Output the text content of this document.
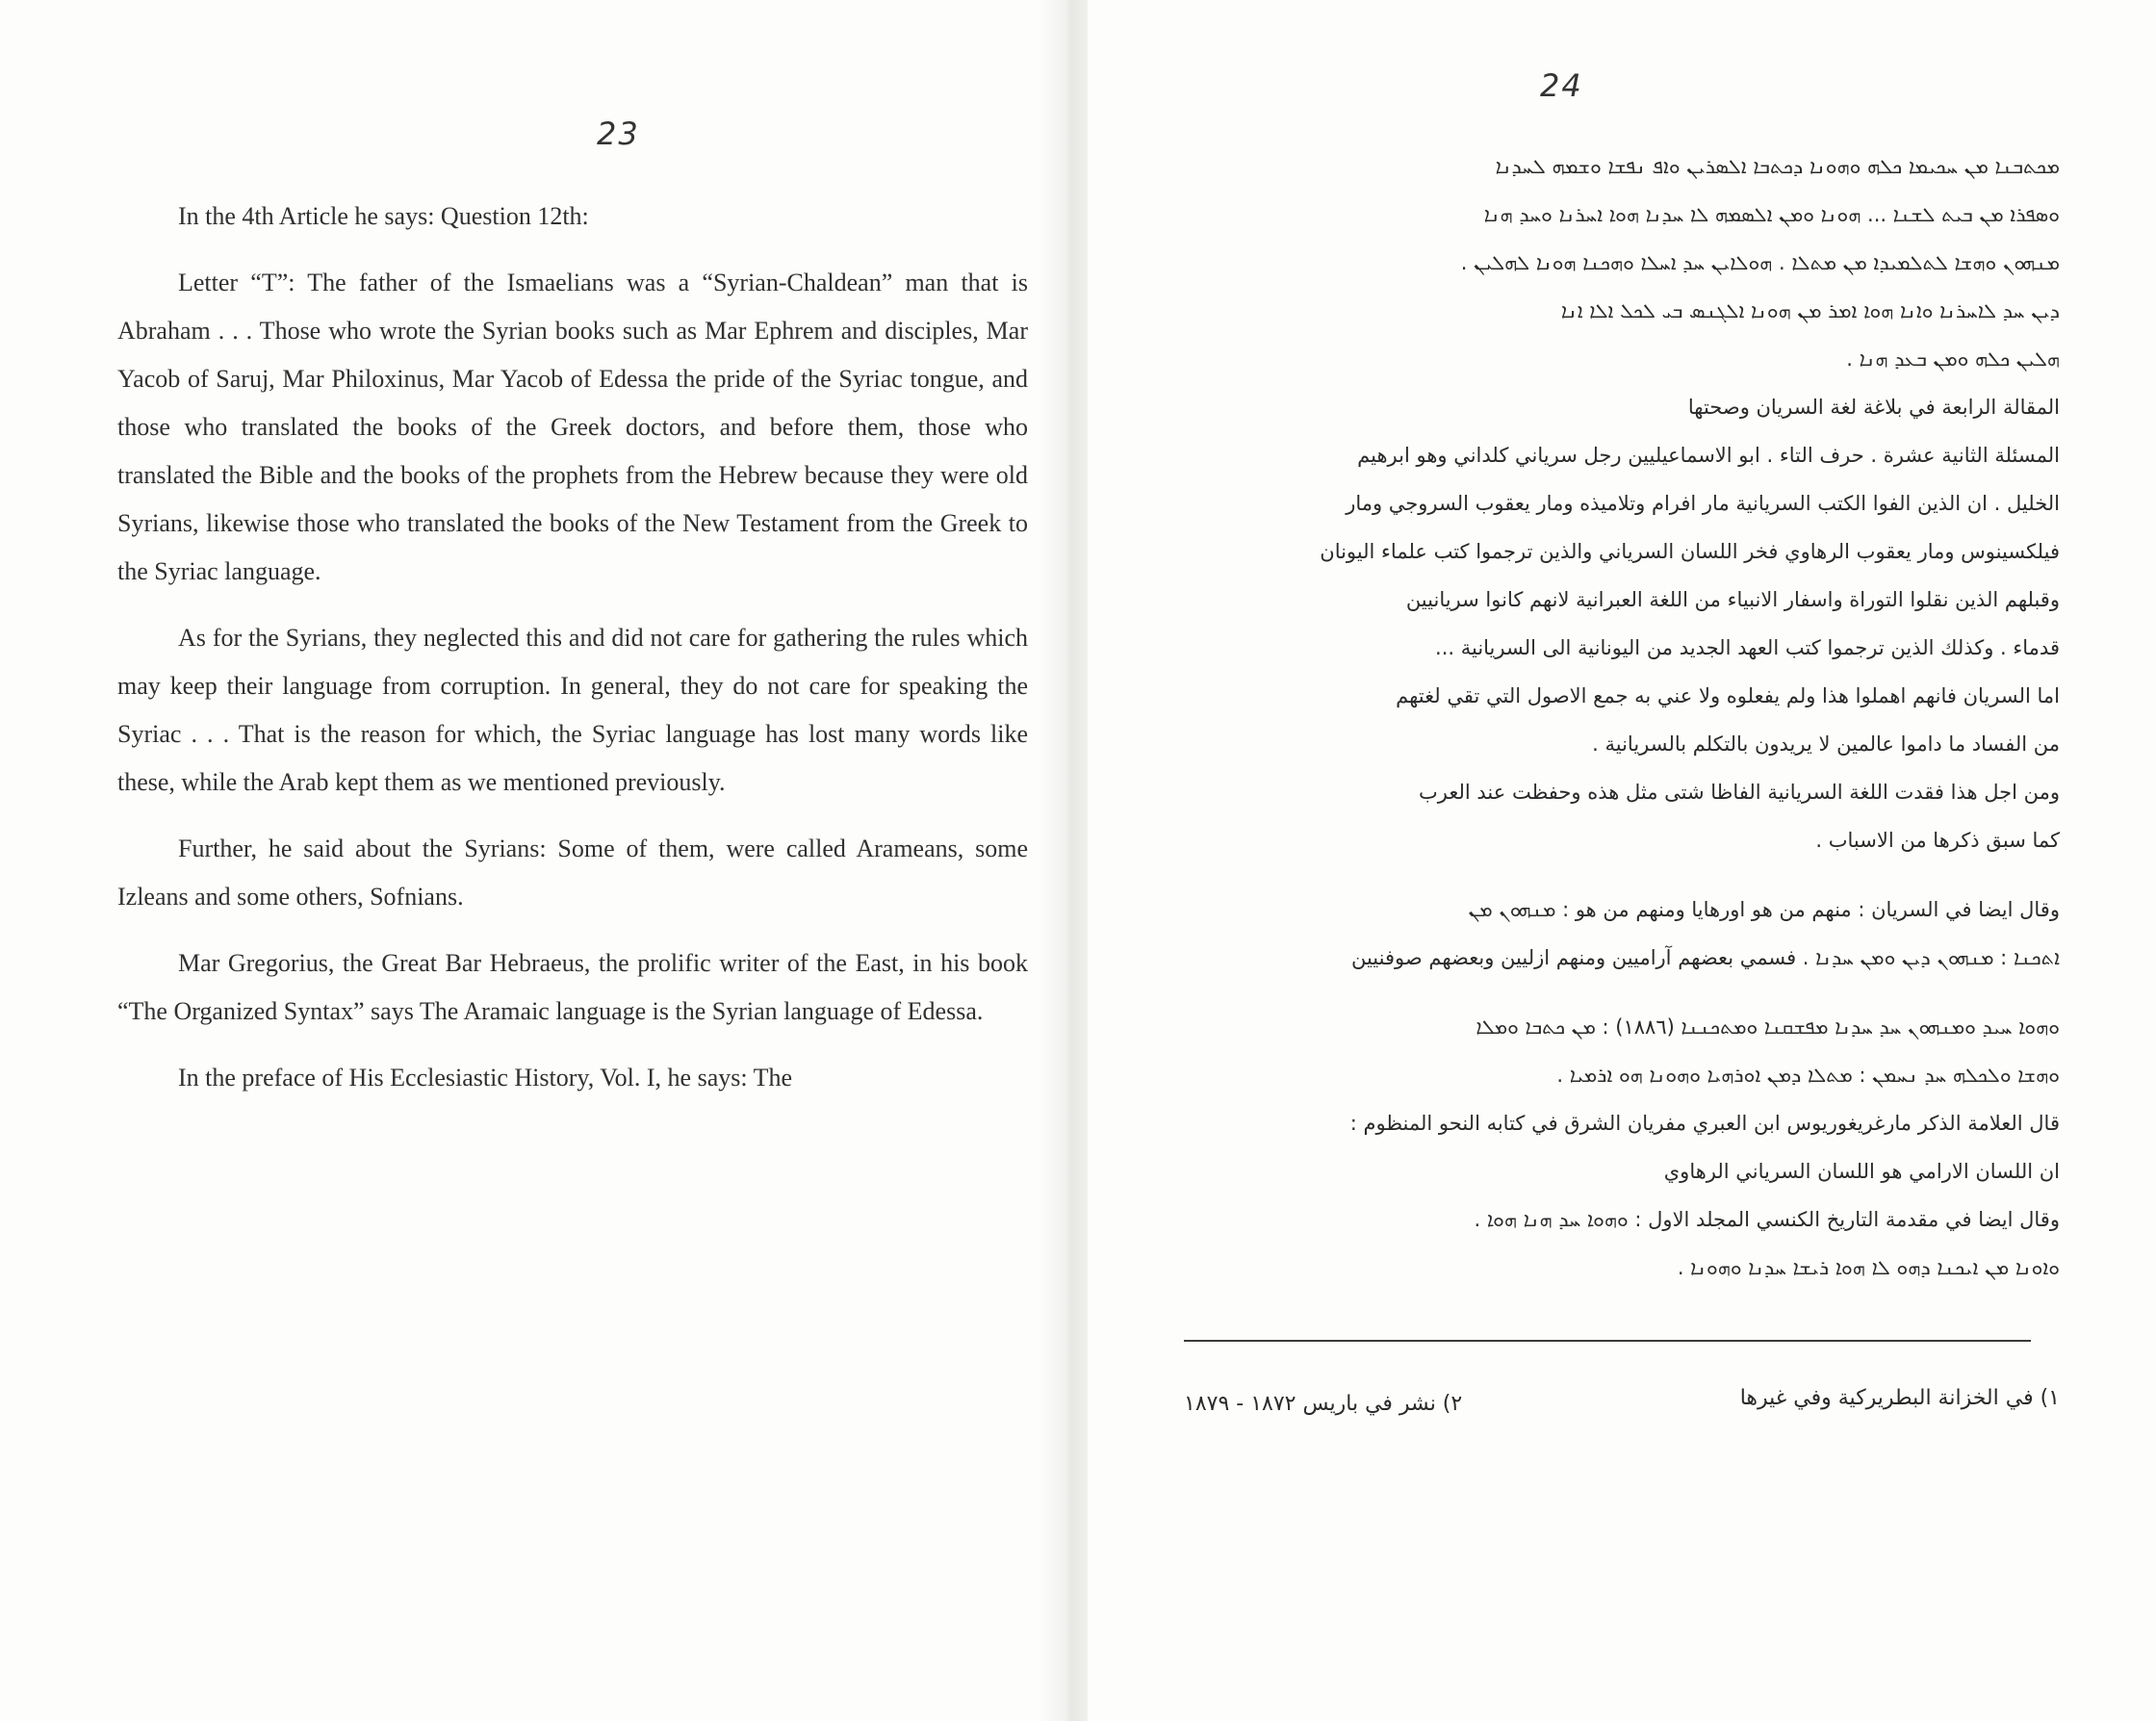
23

In the 4th Article he says: Question 12th:

Letter “T”: The father of the Ismaelians was a “Syrian-Chaldean” man that is Abraham . . . Those who wrote the Syrian books such as Mar Ephrem and disciples, Mar Yacob of Saruj, Mar Philoxinus, Mar Yacob of Edessa the pride of the Syriac tongue, and those who translated the books of the Greek doctors, and before them, those who translated the Bible and the books of the prophets from the Hebrew because they were old Syrians, likewise those who translated the books of the New Testament from the Greek to the Syriac language.

As for the Syrians, they neglected this and did not care for gathering the rules which may keep their language from corruption. In general, they do not care for speaking the Syriac . . . That is the reason for which, the Syriac language has lost many words like these, while the Arab kept them as we mentioned previously.

Further, he said about the Syrians: Some of them, were called Arameans, some Izleans and some others, Sofnians.

Mar Gregorius, the Great Bar Hebraeus, the prolific writer of the East, in his book “The Organized Syntax” says The Aramaic language is the Syrian language of Edessa.

In the preface of His Ecclesiastic History, Vol. I, he says: The

24
ܡܟܬܒܢܐ ܡܢ ܚܟܝܡܐ ܟܠܗ ܘܗܘܢܐ ܕܟܬܒܐ ܐܠܣܪܝܢ ܘܐܦ ܢܦܫܐ ܘܫܡܗ ܠܚܕܢܐ
ܘܣܦܪܐ ܡܢ ܒܝܬ ܠܫܢܐ ... ܗܘܢܐ ܘܡܢ ܐܠܣܡܗ ܠܐ ܚܕܢܐ ܗܘܐ ܐܚܪܢܐ ܘܚܕ ܗܢܐ
ܡܢܗܘܢ ܘܗܫܐ ܠܬܠܡܝܕܐ ܡܢ ܡܬܠܐ . ܗܘܠܐܝܢ ܚܕ ܐܚܠܐ ܘܗܟܢܐ ܗܘܢܐ ܠܗܠܝܢ .
ܕܝܢ ܚܕ ܠܐܚܪܢܐ ܘܐܢܐ ܗܘܐ ܐܡܪ ܡܢ ܗܘܢܐ ܐܠܓܢܣ ܒܝ ܠܟܠ ܐܠܐ ܐܢܐ
ܗܠܝܢ ܟܠܗ ܘܡܢ ܒܥܕ ܗܢܐ .
المقالة الرابعة في بلاغة لغة السريان وصحتها
المسئلة الثانية عشرة . حرف التاء . ابو الاسماعيليين رجل سرياني كلداني وهو ابرهيم
الخليل . ان الذين الفوا الكتب السريانية مار افرام وتلاميذه ومار يعقوب السروجي ومار
فيلكسينوس ومار يعقوب الرهاوي فخر اللسان السرياني والذين ترجموا كتب علماء اليونان
وقبلهم الذين نقلوا التوراة واسفار الانبياء من اللغة العبرانية لانهم كانوا سريانيين
قدماء . وكذلك الذين ترجموا كتب العهد الجديد من اليونانية الى السريانية ...
اما السريان فانهم اهملوا هذا ولم يفعلوه ولا عني به جمع الاصول التي تقي لغتهم
من الفساد ما داموا عالمين لا يريدون بالتكلم بالسريانية .
ومن اجل هذا فقدت اللغة السريانية الفاظا شتى مثل هذه وحفظت عند العرب
كما سبق ذكرها من الاسباب .
وقال ايضا في السريان : منهم من هو اورهايا ومنهم من هو : ܡܢܗܘܢ ܡܢ
ܐܬܟܢܐ : ܡܢܗܘܢ ܕܝܢ ܘܡܢ ܚܕܢܐ . فسمي بعضهم آراميين ومنهم ازليين وبعضهم صوفنيين
ܘܗܘܐ ܚܝܕ ܘܡܢܗܘܢ ܚܕ ܚܕܢܐ ܡܦܫܩܢܐ ܘܡܬܟܢܢܐ (١٨٨٦) : ܡܢ ܟܬܒܐ ܘܡܠܐ
ܘܗܫܐ ܘܠܟܠܗ ܚܕ ܢܚܡܢ : ܡܬܠܐ ܕܡܢ ܐܘܪܗܝܐ ܘܗܘܢܐ ܗܘ ܐܪܡܝܐ .
قال العلامة الذكر مارغريغوريوس ابن العبري مفريان الشرق في كتابه النحو المنظوم :
ان اللسان الارامي هو اللسان السرياني الرهاوي
وقال ايضا في مقدمة التاريخ الكنسي المجلد الاول : ܘܗܘܐ ܚܕ ܗܢܐ ܗܘܐ .
ܘܐܘܢܐ ܡܢ ܐܝܟܢܐ ܕܗܘ ܠܐ ܗܘܐ ܪܝܫܐ ܚܕܢܐ ܘܗܘܢܐ .
١) في الخزانة البطريركية وفي غيرها
٢) نشر في باريس ١٨٧٢ - ١٨٧٩
